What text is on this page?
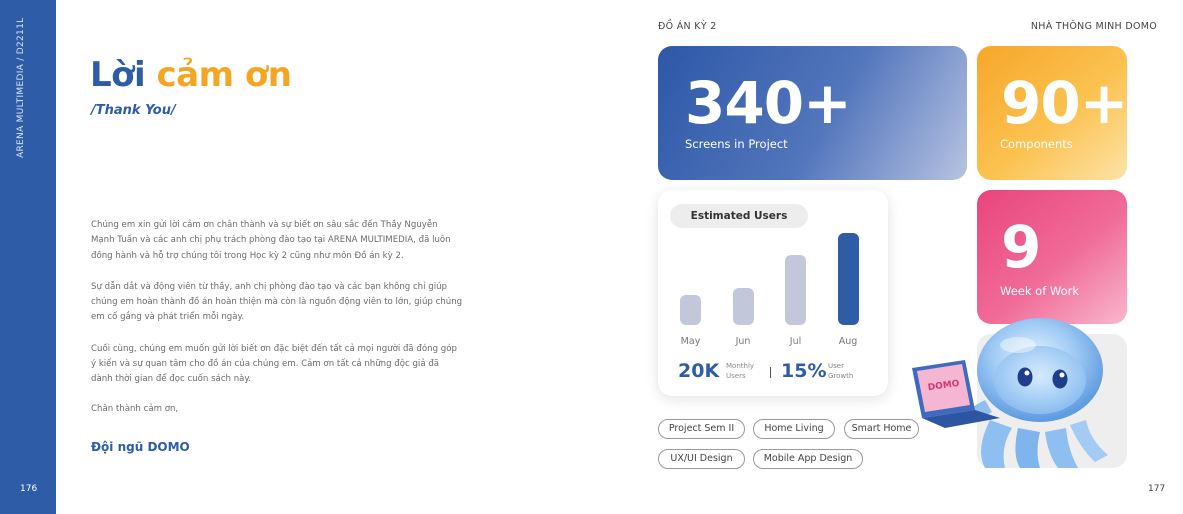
ARENA MULTIMEDIA / D2211L
176
Lời cảm ơn
/Thank You/

Chúng em xin gửi lời cảm ơn chân thành và sự biết ơn sâu sắc đến Thầy Nguyễn Mạnh Tuấn và các anh chị phụ trách phòng đào tạo tại ARENA MULTIMEDIA, đã luôn đồng hành và hỗ trợ chúng tôi trong Học kỳ 2 cũng như môn Đồ án kỳ 2.

Sự dẫn dắt và động viên từ thầy, anh chị phòng đào tạo và các bạn không chỉ giúp chúng em hoàn thành đồ án hoàn thiện mà còn là nguồn động viên to lớn, giúp chúng em cố gắng và phát triển mỗi ngày.

Cuối cùng, chúng em muốn gửi lời biết ơn đặc biệt đến tất cả mọi người đã đóng góp ý kiến và sự quan tâm cho đồ án của chúng em. Cảm ơn tất cả những độc giả đã dành thời gian để đọc cuốn sách này.

Chân thành cảm ơn,
Đội ngũ DOMO
ĐỒ ÁN KỲ 2	NHÀ THÔNG MINH DOMO
340+
Screens in Project
90+
Components
9
Week of Work
Estimated Users
20K Monthly
Users	15% User
Growth
May	Jun	Jul	Aug
DOMO
Project Sem II	Home Living	Smart Home
UX/UI Design	Mobile App Design
177
